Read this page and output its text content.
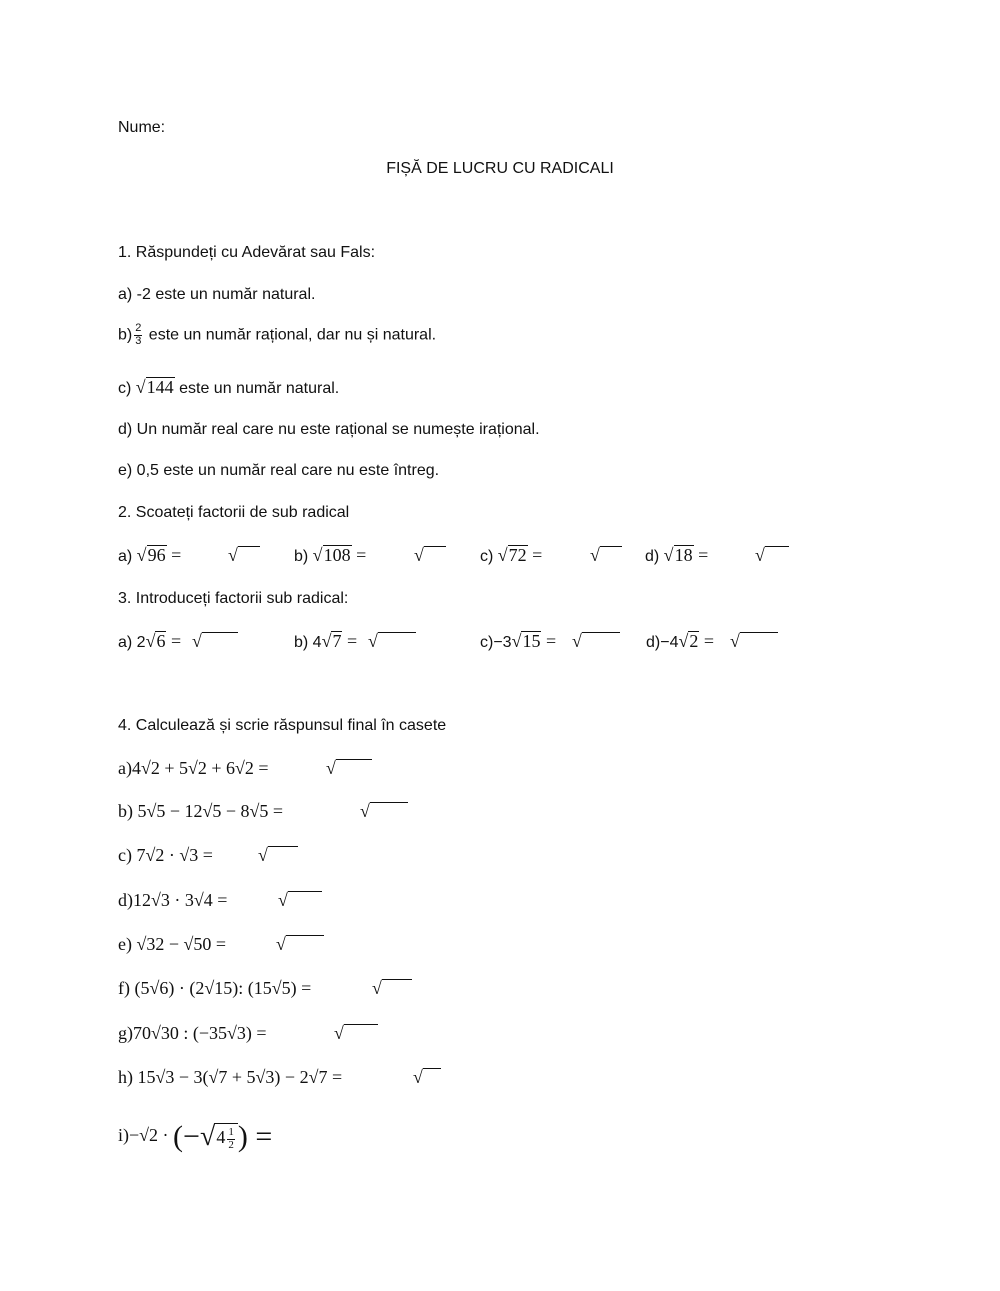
Nume:
FIȘĂ DE LUCRU CU RADICALI
1. Răspundeți cu Adevărat sau Fals:
a) -2 este un număr natural.
$b) \frac{2}{3}$ este un număr rațional, dar nu și natural.
c) √144 este un număr natural.
d) Un număr real care nu este rațional se numește irațional.
e) 0,5 este un număr real care nu este întreg.
2. Scoateți factorii de sub radical
a) √96 =	√	b) √108 =	√	c) √72 =	√	d) √18 =	√
3. Introduceți factorii sub radical:
a) 2√6 = √	b) 4√7 = √	c)−3√15 = √	d)−4√2 = √
4. Calculează și scrie răspunsul final în casete
a)4√2 + 5√2 + 6√2 =	√
b) 5√5 − 12√5 − 8√5 =	√
c) 7√2 · √3 =	√
d)12√3 · 3√4 =	√
e) √32 − √50 =	√
f) (5√6) · (2√15): (15√5) =	√
g)70√30 : (−35√3) =	√
h) 15√3 − 3(√7 + 5√3) − 2√7 =	√
$i)-√2 \cdot (-√4 \frac{1}{2}$ ) =
